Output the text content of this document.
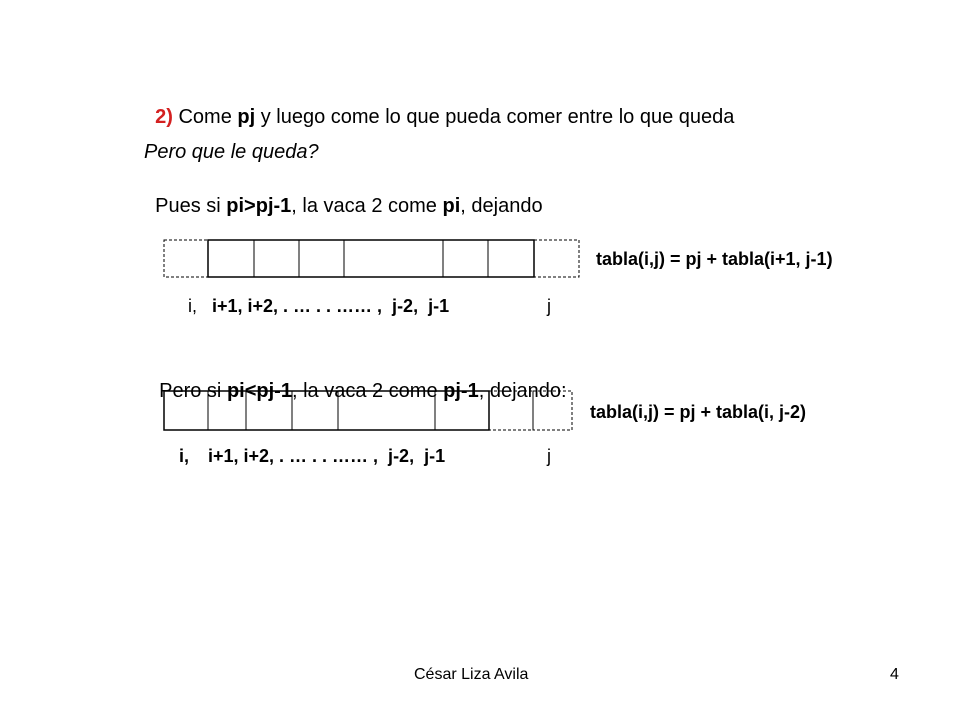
2) Come pj y luego come lo que pueda comer entre lo que queda

Pero que le queda?

Pues si pi>pj-1, la vaca 2 come pi, dejando

tabla(i,j) = pj + tabla(i+1, j-1)
i, i+1, i+2, . … . . …… ,  j-2,  j-1	j

Pero si pi<pj-1, la vaca 2 come pj-1, dejando:

tabla(i,j) = pj + tabla(i, j-2)
i, i+1, i+2, . … . . …… ,  j-2,  j-1	j
César Liza Avila	4
